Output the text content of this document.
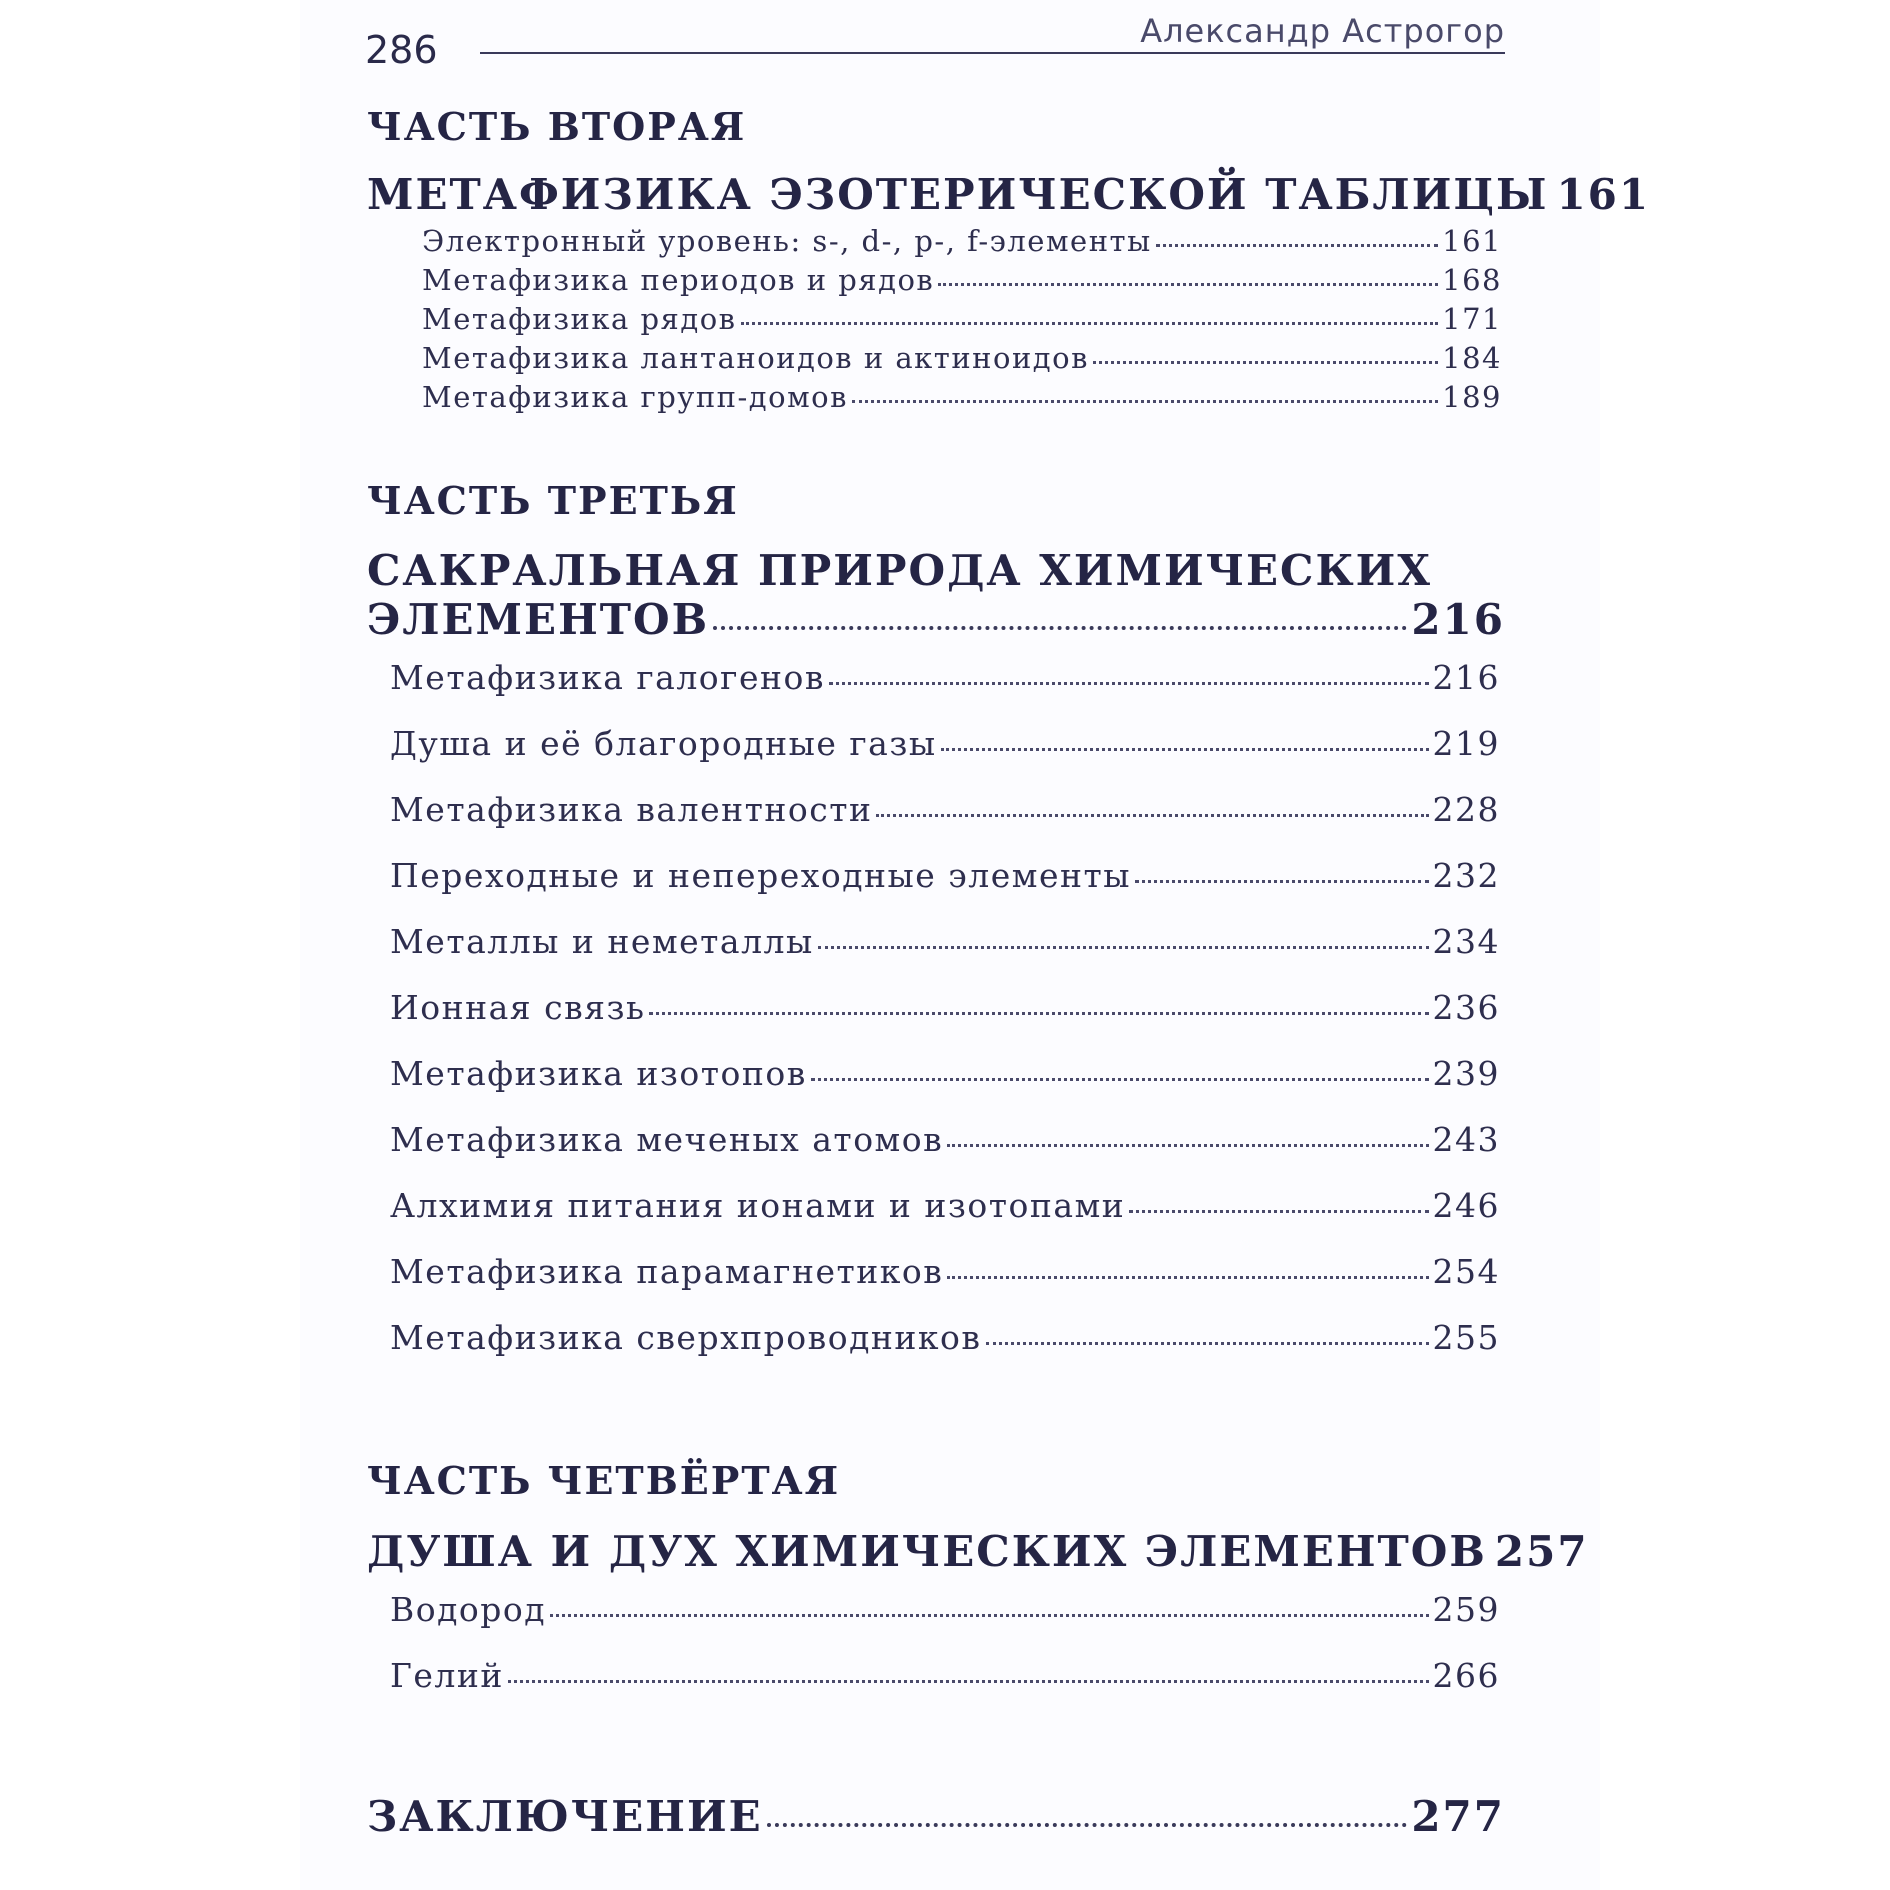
286	Александр Астрогор
ЧАСТЬ ВТОРАЯ
МЕТАФИЗИКА ЭЗОТЕРИЧЕСКОЙ ТАБЛИЦЫ 161
Электронный уровень: s-, d-, p-, f-элементы	161
Метафизика периодов и рядов	168
Метафизика рядов	171
Метафизика лантаноидов и актиноидов	184
Метафизика групп-домов	189
ЧАСТЬ ТРЕТЬЯ
САКРАЛЬНАЯ ПРИРОДА ХИМИЧЕСКИХ
ЭЛЕМЕНТОВ	216
Метафизика галогенов	216
Душа и её благородные газы	219
Метафизика валентности	228
Переходные и непереходные элементы	232
Металлы и неметаллы	234
Ионная связь	236
Метафизика изотопов	239
Метафизика меченых атомов	243
Алхимия питания ионами и изотопами	246
Метафизика парамагнетиков	254
Метафизика сверхпроводников	255
ЧАСТЬ ЧЕТВЁРТАЯ
ДУША И ДУХ ХИМИЧЕСКИХ ЭЛЕМЕНТОВ 257
Водород	259
Гелий	266
ЗАКЛЮЧЕНИЕ	277
